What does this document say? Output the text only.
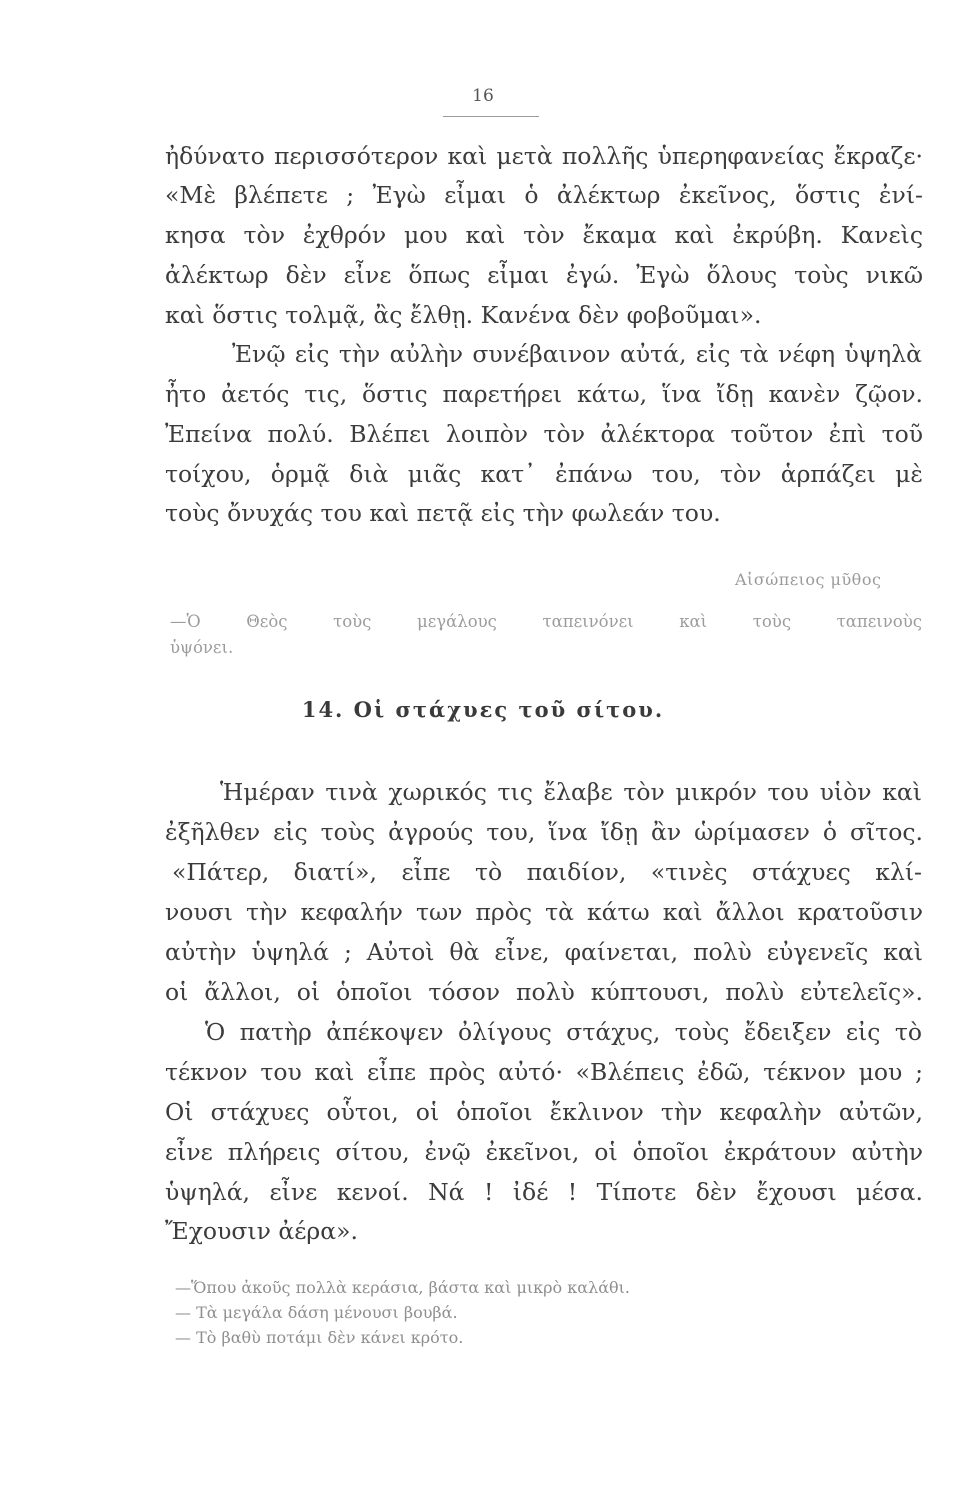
16
ἠδύνατο περισσότερον καὶ μετὰ πολλῆς ὑπερηφανείας ἔκραζε·
«Μὲ βλέπετε ; Ἐγὼ εἶμαι ὁ ἀλέκτωρ ἐκεῖνος, ὅστις ἐνί-
κησα τὸν ἐχθρόν μου καὶ τὸν ἔκαμα καὶ ἐκρύβη. Κανεὶς
ἀλέκτωρ δὲν εἶνε ὅπως εἶμαι ἐγώ. Ἐγὼ ὅλους τοὺς νικῶ
καὶ ὅστις τολμᾷ, ἂς ἔλθῃ. Κανένα δὲν φοβοῦμαι».
Ἐνῷ εἰς τὴν αὐλὴν συνέβαινον αὐτά, εἰς τὰ νέφη ὑψηλὰ
ἦτο ἀετός τις, ὅστις παρετήρει κάτω, ἵνα ἴδῃ κανὲν ζῷον.
Ἐπείνα πολύ. Βλέπει λοιπὸν τὸν ἀλέκτορα τοῦτον ἐπὶ τοῦ
τοίχου, ὁρμᾷ διὰ μιᾶς κατ᾽ ἐπάνω του, τὸν ἁρπάζει μὲ
τοὺς ὄνυχάς του καὶ πετᾷ εἰς τὴν φωλεάν του.
Αἰσώπειος μῦθος
—Ὁ Θεὸς τοὺς μεγάλους ταπεινόνει καὶ τοὺς ταπεινοὺς
ὑψόνει.
14. Οἱ στάχυες τοῦ σίτου.
Ἡμέραν τινὰ χωρικός τις ἔλαβε τὸν μικρόν του υἱὸν καὶ
ἐξῆλθεν εἰς τοὺς ἀγρούς του, ἵνα ἴδῃ ἂν ὡρίμασεν ὁ σῖτος.
«Πάτερ, διατί», εἶπε τὸ παιδίον, «τινὲς στάχυες κλί-
νουσι τὴν κεφαλήν των πρὸς τὰ κάτω καὶ ἄλλοι κρατοῦσιν
αὐτὴν ὑψηλά ; Αὐτοὶ θὰ εἶνε, φαίνεται, πολὺ εὐγενεῖς καὶ
οἱ ἄλλοι, οἱ ὁποῖοι τόσον πολὺ κύπτουσι, πολὺ εὐτελεῖς».
Ὁ πατὴρ ἀπέκοψεν ὀλίγους στάχυς, τοὺς ἔδειξεν εἰς τὸ
τέκνον του καὶ εἶπε πρὸς αὐτό· «Βλέπεις ἐδῶ, τέκνον μου ;
Οἱ στάχυες οὗτοι, οἱ ὁποῖοι ἔκλινον τὴν κεφαλὴν αὐτῶν,
εἶνε πλήρεις σίτου, ἐνῷ ἐκεῖνοι, οἱ ὁποῖοι ἐκράτουν αὐτὴν
ὑψηλά, εἶνε κενοί. Νά ! ἰδέ ! Τίποτε δὲν ἔχουσι μέσα.
Ἔχουσιν ἀέρα».
—Ὅπου ἀκοῦς πολλὰ κεράσια, βάστα καὶ μικρὸ καλάθι.
— Τὰ μεγάλα δάση μένουσι βουβά.
— Τὸ βαθὺ ποτάμι δὲν κάνει κρότο.
